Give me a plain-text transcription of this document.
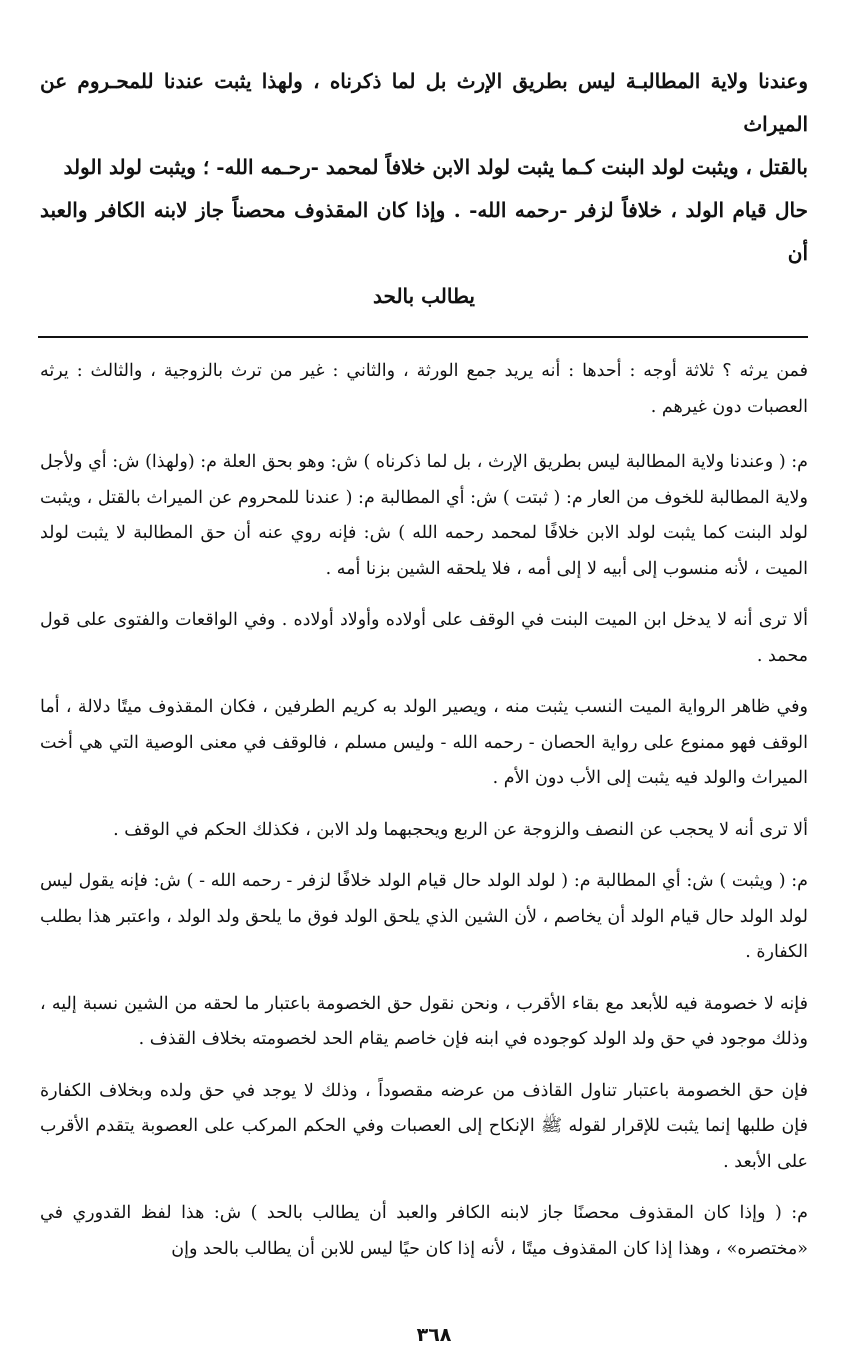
وعندنا ولاية المطالبـة ليس بطريق الإرث بل لما ذكرناه ، ولهذا يثبت عندنا للمحـروم عن الميراث
بالقتل ، ويثبت لولد البنت كـما يثبت لولد الابن خلافاً لمحمد -رحـمه الله- ؛ ويثبت لولد الولد
حال قيام الولد ، خلافاً لزفر -رحمه الله- . وإذا كان المقذوف محصناً جاز لابنه الكافر والعبد أن
يطالب بالحد

فمن يرثه ؟ ثلاثة أوجه : أحدها : أنه يريد جمع الورثة ، والثاني : غير من ترث بالزوجية ، والثالث : يرثه العصبات دون غيرهم .

م: ( وعندنا ولاية المطالبة ليس بطريق الإرث ، بل لما ذكرناه ) ش: وهو بحق العلة م: (ولهذا) ش: أي ولأجل ولاية المطالبة للخوف من العار م: ( ثبتت ) ش: أي المطالبة م: ( عندنا للمحروم عن الميراث بالقتل ، ويثبت لولد البنت كما يثبت لولد الابن خلافًا لمحمد رحمه الله ) ش: فإنه روي عنه أن حق المطالبة لا يثبت لولد الميت ، لأنه منسوب إلى أبيه لا إلى أمه ، فلا يلحقه الشين بزنا أمه .

ألا ترى أنه لا يدخل ابن الميت البنت في الوقف على أولاده وأولاد أولاده . وفي الواقعات والفتوى على قول محمد .

وفي ظاهر الرواية الميت النسب يثبت منه ، ويصير الولد به كريم الطرفين ، فكان المقذوف ميتًا دلالة ، أما الوقف فهو ممنوع على رواية الحصان - رحمه الله - وليس مسلم ، فالوقف في معنى الوصية التي هي أخت الميراث والولد فيه يثبت إلى الأب دون الأم .

ألا ترى أنه لا يحجب عن النصف والزوجة عن الربع ويحجبهما ولد الابن ، فكذلك الحكم في الوقف .

م: ( ويثبت ) ش: أي المطالبة م: ( لولد الولد حال قيام الولد خلافًا لزفر - رحمه الله - ) ش: فإنه يقول ليس لولد الولد حال قيام الولد أن يخاصم ، لأن الشين الذي يلحق الولد فوق ما يلحق ولد الولد ، واعتبر هذا بطلب الكفارة .

فإنه لا خصومة فيه للأبعد مع بقاء الأقرب ، ونحن نقول حق الخصومة باعتبار ما لحقه من الشين نسبة إليه ، وذلك موجود في حق ولد الولد كوجوده في ابنه فإن خاصم يقام الحد لخصومته بخلاف القذف .

فإن حق الخصومة باعتبار تناول القاذف من عرضه مقصوداً ، وذلك لا يوجد في حق ولده وبخلاف الكفارة فإن طلبها إنما يثبت للإقرار لقوله ﷺ الإنكاح إلى العصبات وفي الحكم المركب على العصوبة يتقدم الأقرب على الأبعد .

م: ( وإذا كان المقذوف محصنًا جاز لابنه الكافر والعبد أن يطالب بالحد ) ش: هذا لفظ القدوري في «مختصره» ، وهذا إذا كان المقذوف ميتًا ، لأنه إذا كان حيًا ليس للابن أن يطالب بالحد وإن

٣٦٨
